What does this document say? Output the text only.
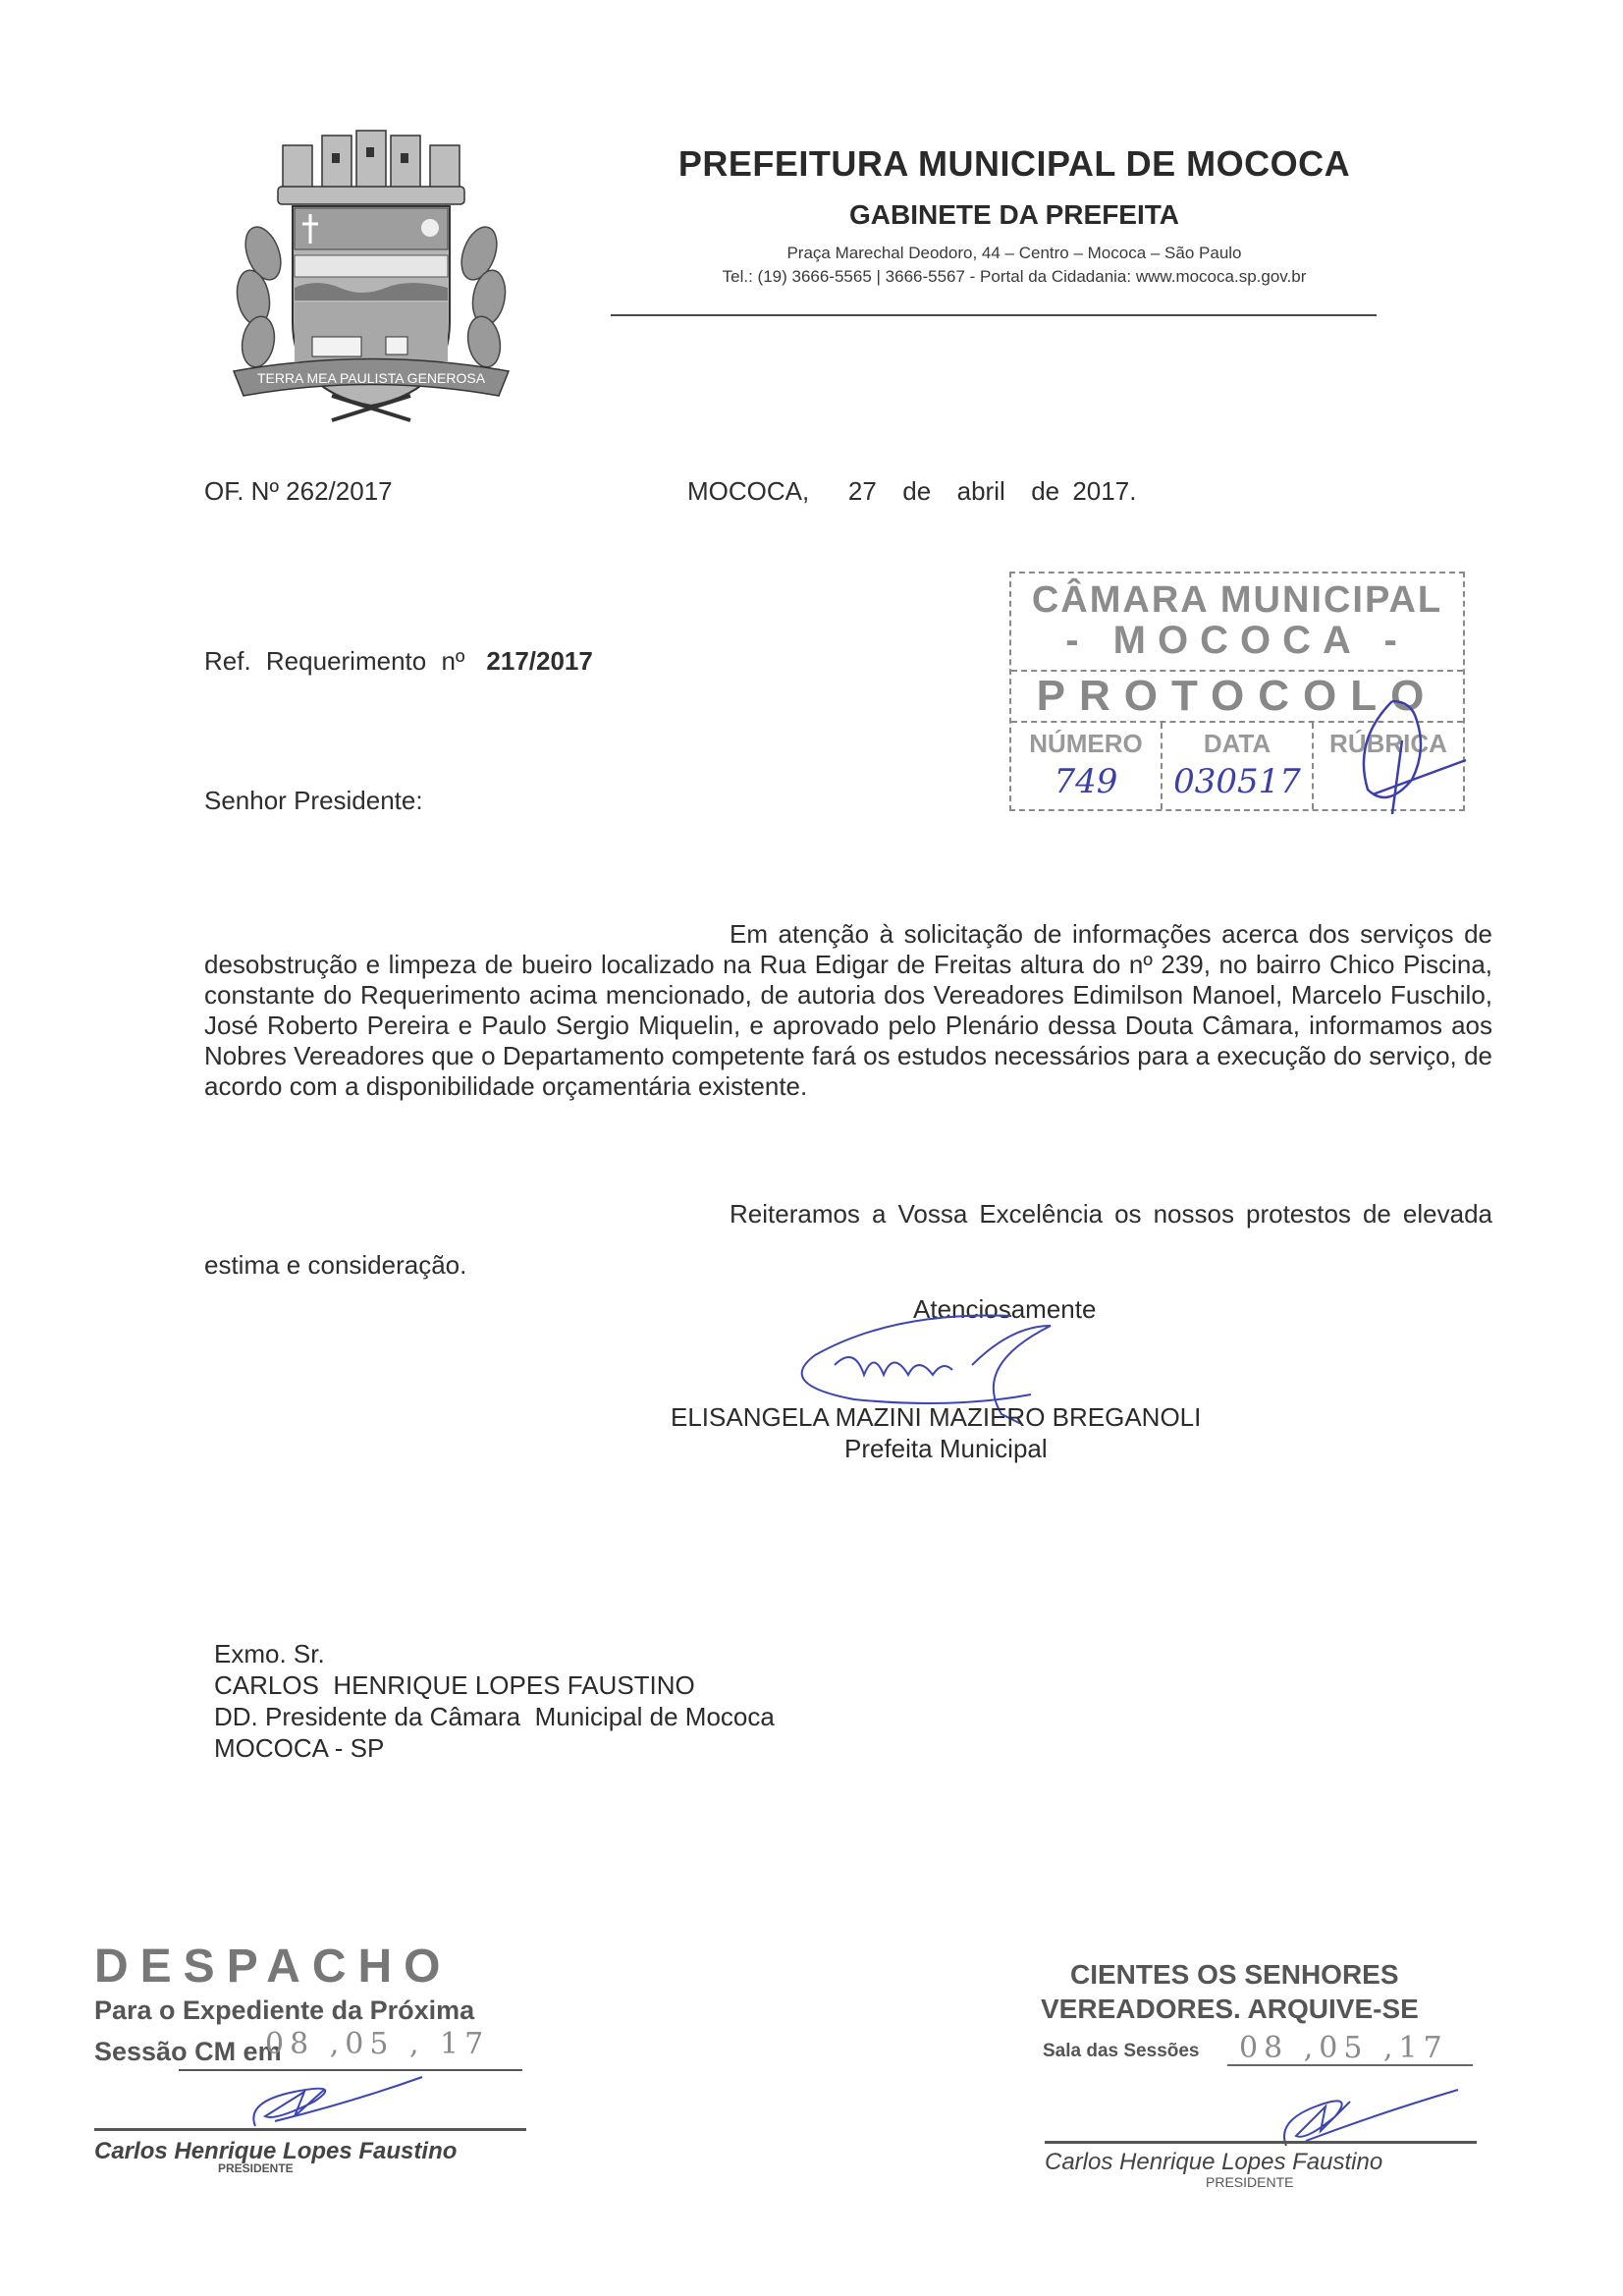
TERRA MEA PAULISTA GENEROSA
PREFEITURA MUNICIPAL DE MOCOCA
GABINETE DA PREFEITA
Praça Marechal Deodoro, 44 – Centro – Mococa – São Paulo
Tel.: (19) 3666-5565 | 3666-5567 - Portal da Cidadania: www.mococa.sp.gov.br
OF. Nº 262/2017	MOCOCA,   27  de  abril  de 2017.
Ref. Requerimento nº 217/2017
CÂMARA MUNICIPAL
- MOCOCA -
PROTOCOLO
NÚMERO
749
DATA
030517
RÚBRICA
Senhor Presidente:
Em atenção à solicitação de informações acerca dos serviços de desobstrução e limpeza de bueiro localizado na Rua Edigar de Freitas altura do nº 239, no bairro Chico Piscina, constante do Requerimento acima mencionado, de autoria dos Vereadores Edimilson Manoel, Marcelo Fuschilo, José Roberto Pereira e Paulo Sergio Miquelin, e aprovado pelo Plenário dessa Douta Câmara, informamos aos Nobres Vereadores que o Departamento competente fará os estudos necessários para a execução do serviço, de acordo com a disponibilidade orçamentária existente.
Reiteramos a Vossa Excelência os nossos protestos de elevada estima e consideração.
Atenciosamente
ELISANGELA MAZINI MAZIERO BREGANOLI
Prefeita Municipal
Exmo. Sr.
CARLOS  HENRIQUE LOPES FAUSTINO
DD. Presidente da Câmara  Municipal de Mococa
MOCOCA - SP
DESPACHO
Para o Expediente da Próxima
Sessão CM em
08 ,05 , 17
Carlos Henrique Lopes Faustino
PRESIDENTE
CIENTES OS SENHORES
VEREADORES. ARQUIVE-SE
Sala das Sessões 08 ,05 ,17
Carlos Henrique Lopes Faustino
PRESIDENTE
